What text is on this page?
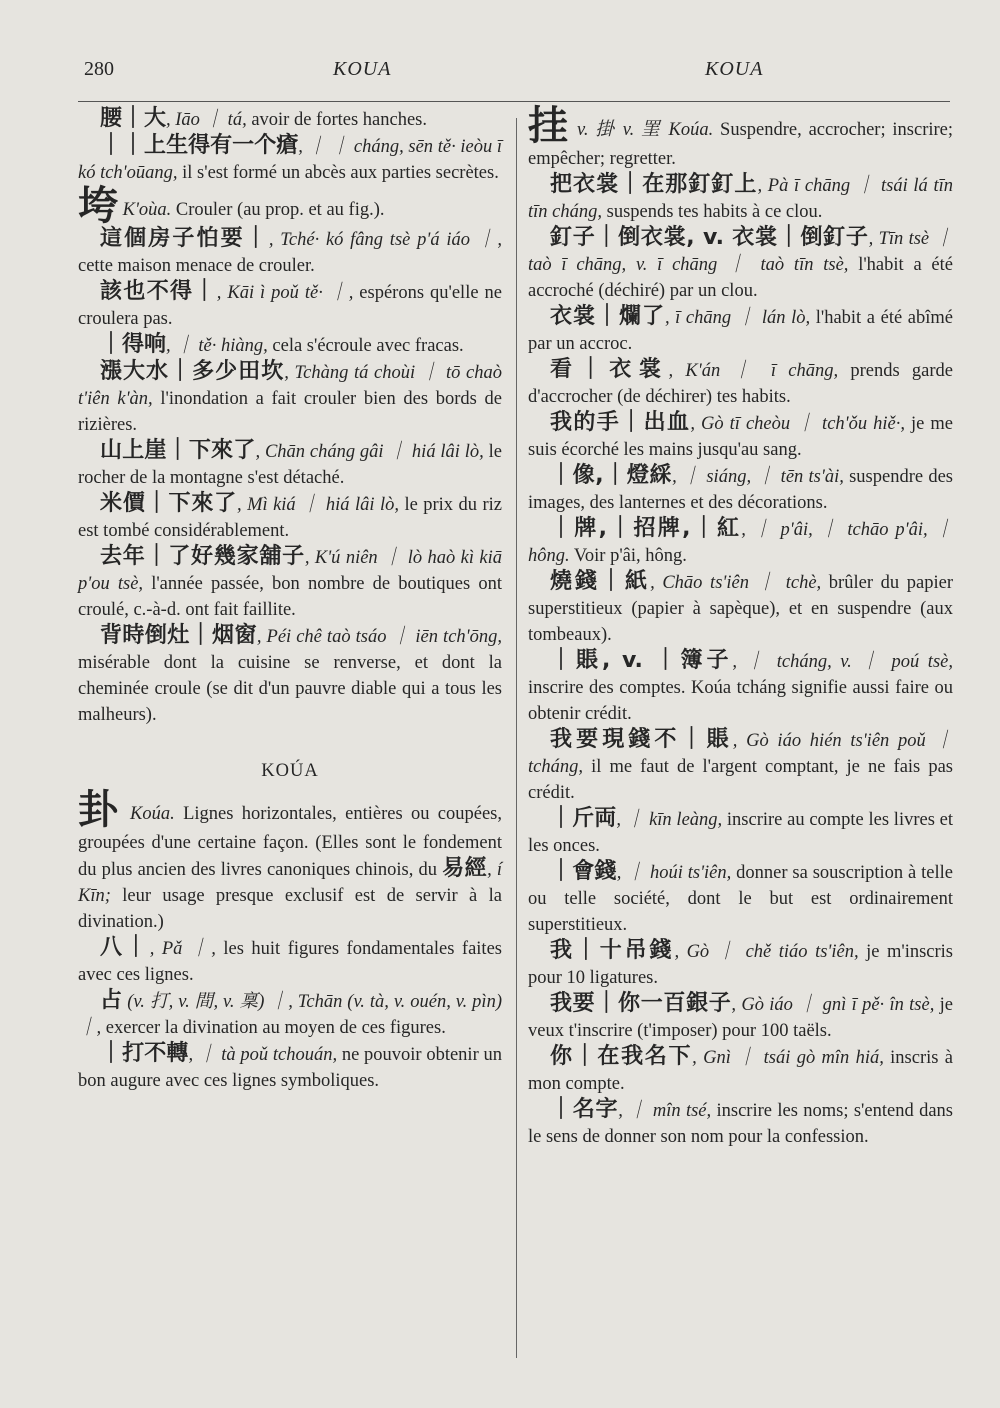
280	KOUA	KOUA

腰｜大, Iāo ｜ tá, avoir de fortes hanches.

｜｜上生得有一个瘡, ｜ ｜ cháng, sēn tě· ieòu ī kó tch'oūang, il s'est formé un abcès aux parties secrètes.

垮 K'oùa. Crouler (au prop. et au fig.).

這個房子怕要｜, Tché· kó fâng tsè p'á iáo ｜, cette maison menace de crouler.

該也不得｜, Kāi ì poǔ tě· ｜, espérons qu'elle ne croulera pas.

｜得响, ｜ tě· hiàng, cela s'écroule avec fracas.

漲大水｜多少田坎, Tchàng tá choùi ｜ tō chaò t'iên k'àn, l'inondation a fait crouler bien des bords de rizières.

山上崖｜下來了, Chān cháng gâi ｜ hiá lâi lò, le rocher de la montagne s'est détaché.

米價｜下來了, Mì kiá ｜ hiá lâi lò, le prix du riz est tombé considérablement.

去年｜了好幾家舖子, K'ú niên ｜ lò haò kì kiā p'ou tsè, l'année passée, bon nombre de boutiques ont croulé, c.-à-d. ont fait faillite.

背時倒灶｜烟窗, Péi chê taò tsáo ｜ iēn tch'ōng, misérable dont la cuisine se renverse, et dont la cheminée croule (se dit d'un pauvre diable qui a tous les malheurs).

KOÚA

卦 Koúa. Lignes horizontales, entières ou coupées, groupées d'une certaine façon. (Elles sont le fondement du plus ancien des livres canoniques chinois, du 易經, í Kīn; leur usage presque exclusif est de servir à la divination.)

八｜, Pǎ ｜, les huit figures fondamentales faites avec ces lignes.

占 (v. 打, v. 間, v. 稟) ｜, Tchān (v. tà, v. ouén, v. pìn) ｜, exercer la divination au moyen de ces figures.

｜打不轉, ｜ tà poǔ tchouán, ne pouvoir obtenir un bon augure avec ces lignes symboliques.

挂 v. 掛 v. 罣 Koúa. Suspendre, accrocher; inscrire; empêcher; regretter.

把衣裳｜在那釘釘上, Pà ī chāng ｜ tsái lá tīn tīn cháng, suspends tes habits à ce clou.

釘子｜倒衣裳, v. 衣裳｜倒釘子, Tīn tsè ｜ taò ī chāng, v. ī chāng ｜ taò tīn tsè, l'habit a été accroché (déchiré) par un clou.

衣裳｜爛了, ī chāng ｜ lán lò, l'habit a été abîmé par un accroc.

看｜衣裳, K'án ｜ ī chāng, prends garde d'accrocher (de déchirer) tes habits.

我的手｜出血, Gò tī cheòu ｜ tch'ǒu hiě·, je me suis écorché les mains jusqu'au sang.

｜像,｜燈綵, ｜ siáng, ｜ tēn ts'ài, suspendre des images, des lanternes et des décorations.

｜牌,｜招牌,｜紅, ｜ p'âi, ｜ tchāo p'âi, ｜ hông. Voir p'âi, hông.

燒錢｜紙, Chāo ts'iên ｜ tchè, brûler du papier superstitieux (papier à sapèque), et en suspendre (aux tombeaux).

｜賬, v. ｜簿子, ｜ tcháng, v. ｜ poú tsè, inscrire des comptes. Koúa tcháng signifie aussi faire ou obtenir crédit.

我要現錢不｜賬, Gò iáo hién ts'iên poǔ ｜ tcháng, il me faut de l'argent comptant, je ne fais pas crédit.

｜斤両, ｜ kīn leàng, inscrire au compte les livres et les onces.

｜會錢, ｜ hoúi ts'iên, donner sa souscription à telle ou telle société, dont le but est ordinairement superstitieux.

我｜十吊錢, Gò ｜ chě tiáo ts'iên, je m'inscris pour 10 ligatures.

我要｜你一百銀子, Gò iáo ｜ gnì ī pě· în tsè, je veux t'inscrire (t'imposer) pour 100 taëls.

你｜在我名下, Gnì ｜ tsái gò mîn hiá, inscris à mon compte.

｜名字, ｜ mîn tsé, inscrire les noms; s'entend dans le sens de donner son nom pour la confession.
